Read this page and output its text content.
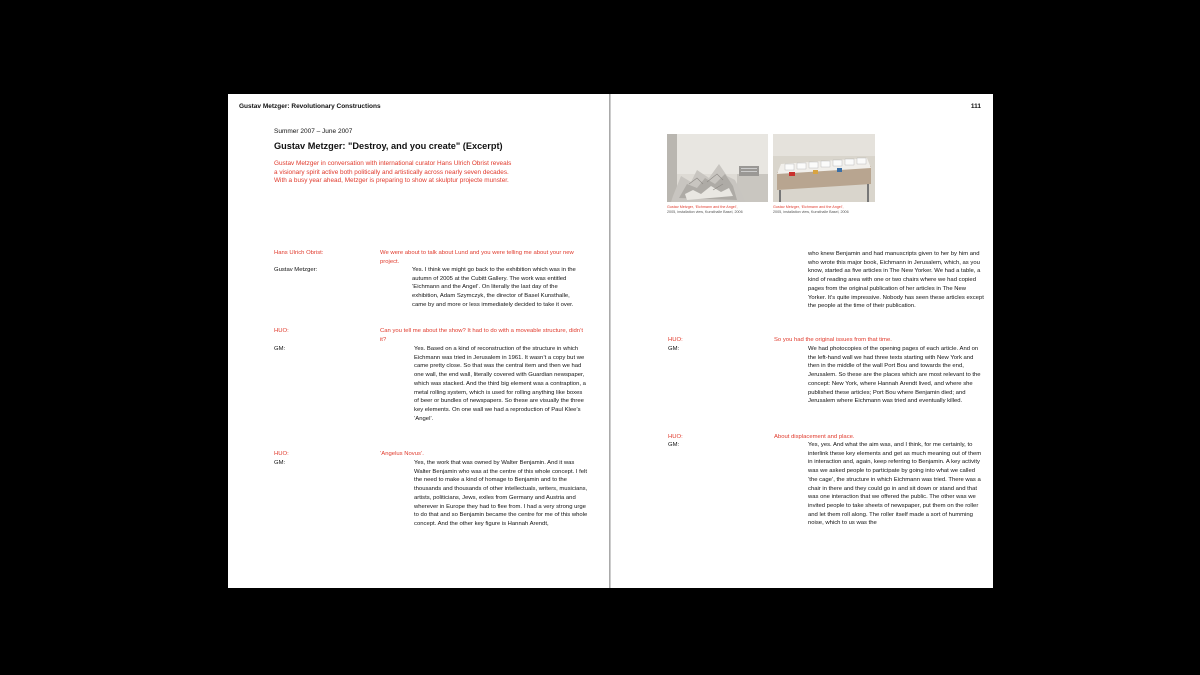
Gustav Metzger: Revolutionary Constructions
Summer 2007 – June 2007
Gustav Metzger: "Destroy, and you create" (Excerpt)
Gustav Metzger in conversation with international curator Hans Ulrich Obrist reveals a visionary spirit active both politically and artistically across nearly seven decades. With a busy year ahead, Metzger is preparing to show at skulptur projecte munster.
Hans Ulrich Obrist:	We were about to talk about Lund and you were telling me about your new project.
Gustav Metzger:	Yes. I think we might go back to the exhibition which was in the autumn of 2005 at the Cubitt Gallery. The work was entitled ‘Eichmann and the Angel’. On literally the last day of the exhibition, Adam Szymczyk, the director of Basel Kunsthalle, came by and more or less immediately decided to take it over.
HUO:	Can you tell me about the show? It had to do with a moveable structure, didn’t it?
GM:	Yes. Based on a kind of reconstruction of the structure in which Eichmann was tried in Jerusalem in 1961. It wasn’t a copy but we came pretty close. So that was the central item and then we had one wall, the end wall, literally covered with Guardian newspaper, which was stacked. And the third big element was a contraption, a metal rolling system, which is used for rolling anything like boxes of beer or bundles of newspapers. So these are visually the three key elements. On one wall we had a reproduction of Paul Klee’s ‘Angel’.
HUO:	‘Angelus Novus’.
GM:	Yes, the work that was owned by Walter Benjamin. And it was Walter Benjamin who was at the centre of this whole concept. I felt the need to make a kind of homage to Benjamin and to the thousands and thousands of other intellectuals, writers, musicians, artists, politicians, Jews, exiles from Germany and Austria and wherever in Europe they had to flee from. I had a very strong urge to do that and so Benjamin became the centre for me of this whole concept. And the other key figure is Hannah Arendt,
111
Gustav Metzger, ‘Eichmann and the Angel’,
2005, installation view, Kunsthalle Basel, 2006
Gustav Metzger, ‘Eichmann and the Angel’,
2005, installation view, Kunsthalle Basel, 2006
who knew Benjamin and had manuscripts given to her by him and who wrote this major book, Eichmann in Jerusalem, which, as you know, started as five articles in The New Yorker. We had a table, a kind of reading area with one or two chairs where we had copied pages from the original publication of her articles in The New Yorker. It’s quite impressive. Nobody has seen these articles except the people at the time of their publication.
HUO:	So you had the original issues from that time.
GM:	We had photocopies of the opening pages of each article. And on the left-hand wall we had three texts starting with New York and then in the middle of the wall Port Bou and towards the end, Jerusalem. So these are the places which are most relevant to the concept: New York, where Hannah Arendt lived, and where she published these articles; Port Bou where Benjamin died; and Jerusalem where Eichmann was tried and eventually killed.
HUO:	About displacement and place.
GM:	Yes, yes. And what the aim was, and I think, for me certainly, to interlink these key elements and get as much meaning out of them in interaction and, again, keep referring to Benjamin. A key activity was we asked people to participate by going into what we called ‘the cage’, the structure in which Eichmann was tried. There was a chair in there and they could go in and sit down or stand and that was one interaction that we offered the public. The other was we invited people to take sheets of newspaper, put them on the roller and let them roll along. The roller itself made a sort of humming noise, which to us was the
